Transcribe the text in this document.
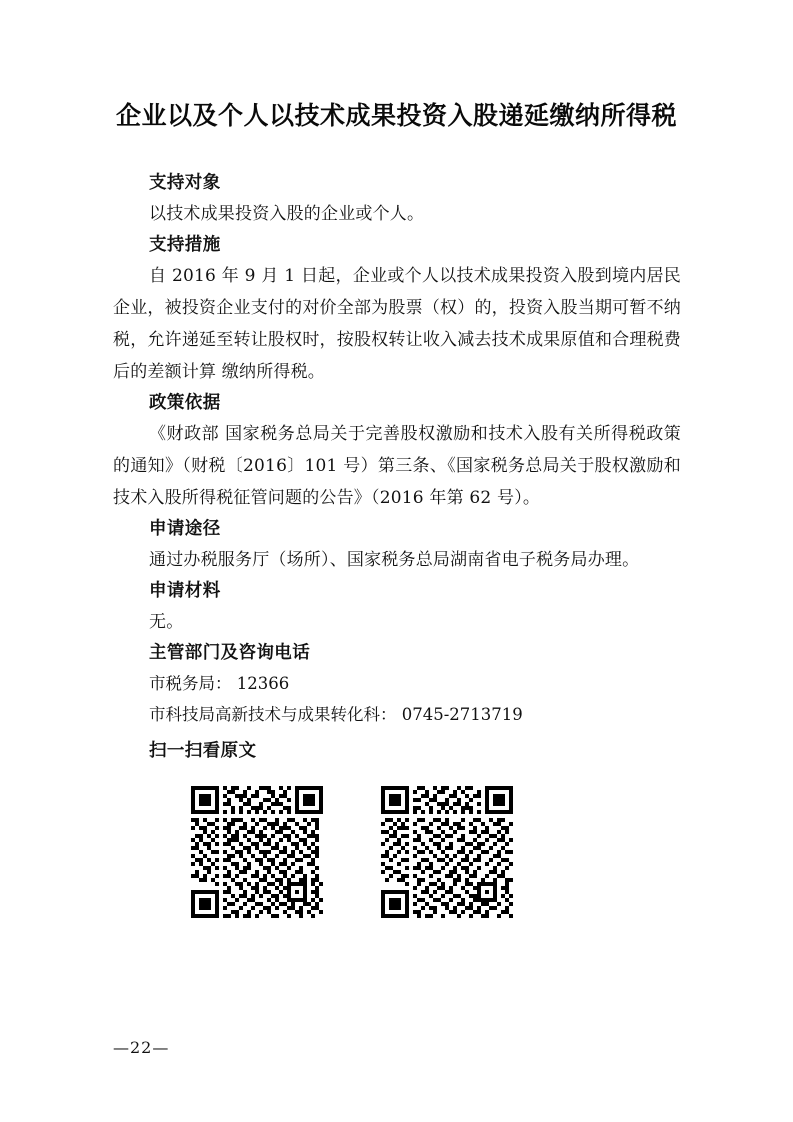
企业以及个人以技术成果投资入股递延缴纳所得税
支持对象
以技术成果投资入股的企业或个人。
支持措施
自 2016 年 9 月 1 日起，企业或个人以技术成果投资入股到境内居民企业，被投资企业支付的对价全部为股票（权）的，投资入股当期可暂不纳税，允许递延至转让股权时，按股权转让收入减去技术成果原值和合理税费后的差额计算 缴纳所得税。
政策依据
《财政部 国家税务总局关于完善股权激励和技术入股有关所得税政策的通知》（财税〔2016〕101 号）第三条、《国家税务总局关于股权激励和技术入股所得税征管问题的公告》（2016 年第 62 号）。
申请途径
通过办税服务厅（场所）、国家税务总局湖南省电子税务局办理。
申请材料
无。
主管部门及咨询电话
市税务局： 12366
市科技局高新技术与成果转化科： 0745-2713719
扫一扫看原文
—22—
